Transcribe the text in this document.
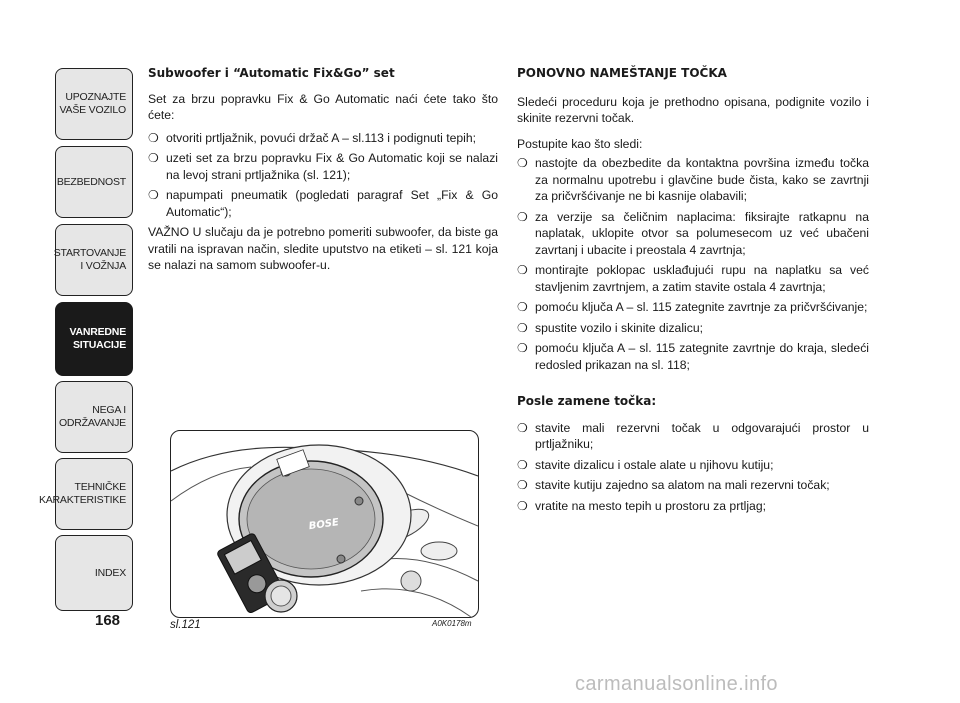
UPOZNAJTE
VAŠE VOZILO
BEZBEDNOST
STARTOVANJE
I VOŽNJA
VANREDNE
SITUACIJE
NEGA I
ODRŽAVANJE
TEHNIČKE
KARAKTERISTIKE
INDEX
168
Subwoofer i “Automatic Fix&Go” set

Set za brzu popravku Fix & Go Automatic naći ćete tako što ćete:

❍ otvoriti prtljažnik, povući držač A – sl.113 i podignuti tepih;
❍ uzeti set za brzu popravku Fix & Go Automatic koji se nalazi na levoj strani prtljažnika (sl. 121);
❍ napumpati pneumatik (pogledati paragraf Set „Fix & Go Automatic“);

VAŽNO U slučaju da je potrebno pomeriti subwoofer, da biste ga vratili na ispravan način, sledite uputstvo na etiketi – sl. 121 koja se nalazi na samom subwoofer-u.

BOSE
sl.121	A0K0178m
PONOVNO NAMEŠTANJE TOČKA

Sledeći proceduru koja je prethodno opisana, podignite vozilo i skinite rezervni točak.

Postupite kao što sledi:

❍ nastojte da obezbedite da kontaktna površina između točka za normalnu upotrebu i glavčine bude čista, kako se zavrtnji za pričvršćivanje ne bi kasnije olabavili;
❍ za verzije sa čeličnim naplacima: fiksirajte ratkapnu na naplatak, uklopite otvor sa polumesecom uz već ubačeni zavrtanj i ubacite i preostala 4 zavrtnja;
❍ montirajte poklopac usklađujući rupu na naplatku sa već stavljenim zavrtnjem, a zatim stavite ostala 4 zavrtnja;
❍ pomoću ključa A – sl. 115 zategnite zavrtnje za pričvršćivanje;
❍ spustite vozilo i skinite dizalicu;
❍ pomoću ključa A – sl. 115 zategnite zavrtnje do kraja, sledeći redosled prikazan na sl. 118;
Posle zamene točka:
❍ stavite mali rezervni točak u odgovarajući prostor u prtljažniku;
❍ stavite dizalicu i ostale alate u njihovu kutiju;
❍ stavite kutiju zajedno sa alatom na mali rezervni točak;
❍ vratite na mesto tepih u prostoru za prtljag;
carmanualsonline.info
